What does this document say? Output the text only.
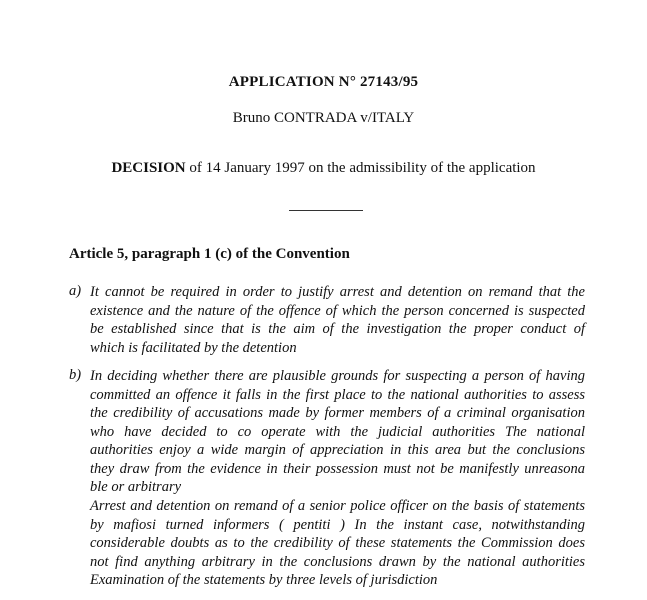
APPLICATION N° 27143/95
Bruno CONTRADA v/ITALY
DECISION of 14 January 1997 on the admissibility of the application
Article 5, paragraph 1 (c) of the Convention
a) It cannot be required in order to justify arrest and detention on remand that the
existence and the nature of the offence of which the person concerned is suspected
be established since that is the aim of the investigation the proper conduct of
which is facilitated by the detention
b) In deciding whether there are plausible grounds for suspecting a person of having
committed an offence it falls in the first place to the national authorities to assess
the credibility of accusations made by former members of a criminal organisation
who have decided to co operate with the judicial authorities The national
authorities enjoy a wide margin of appreciation in this area but the conclusions
they draw from the evidence in their possession must not be manifestly unreasona
ble or arbitrary
Arrest and detention on remand of a senior police officer on the basis of statements
by mafiosi turned informers ( pentiti ) In the instant case, notwithstanding
considerable doubts as to the credibility of these statements the Commission does
not find anything arbitrary in the conclusions drawn by the national authorities
Examination of the statements by three levels of jurisdiction
